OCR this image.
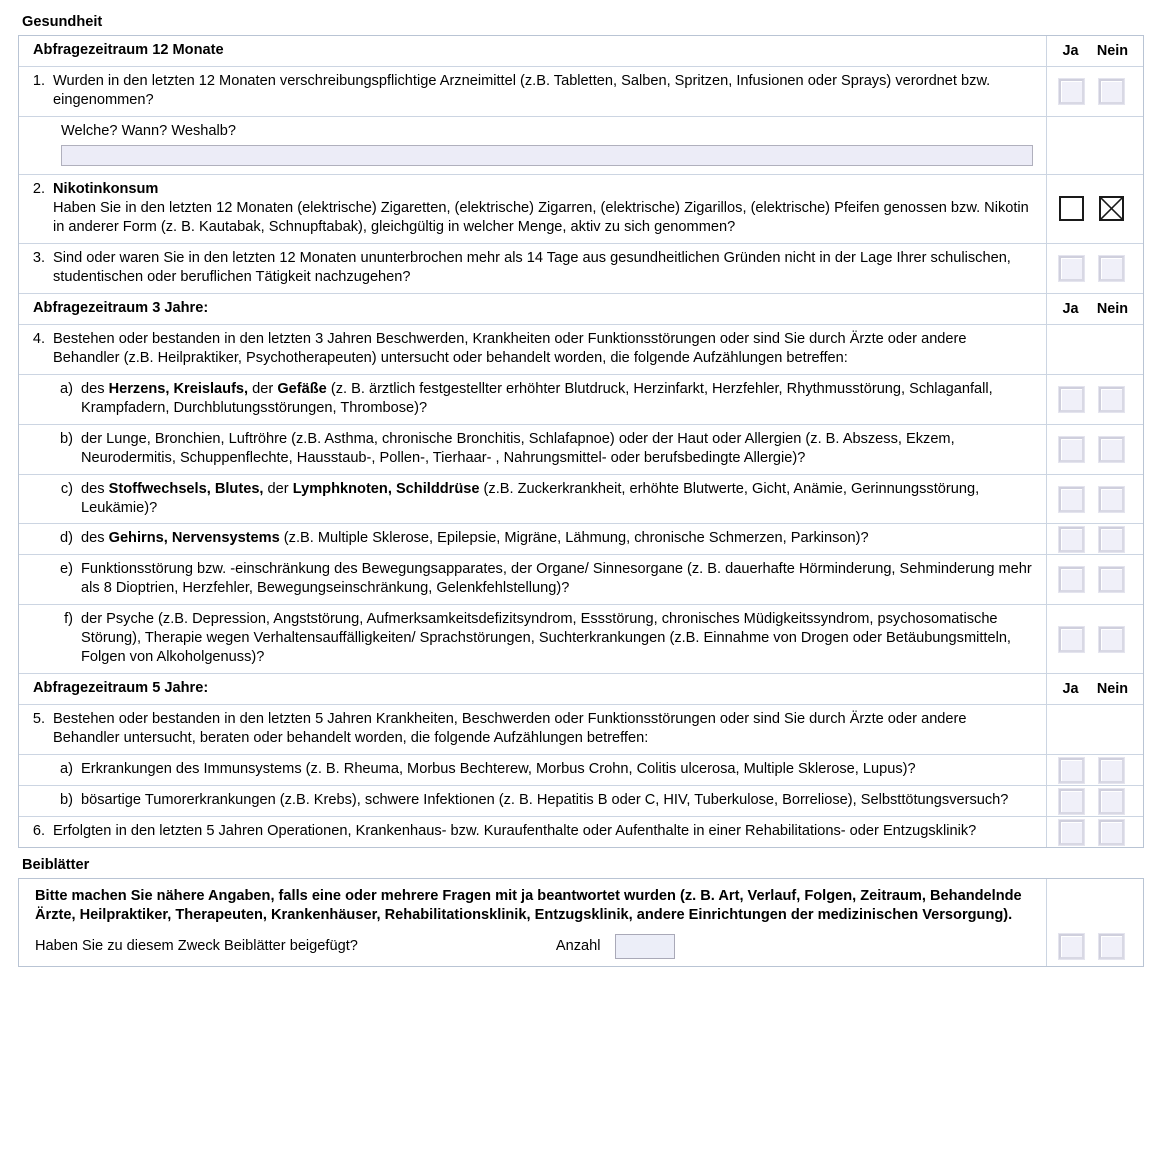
Gesundheit
Abfragezeitraum 12 Monate	Ja	Nein
1. Wurden in den letzten 12 Monaten verschreibungspflichtige Arzneimittel (z.B. Tabletten, Salben, Spritzen, Infusionen oder Sprays) verordnet bzw. eingenommen?
Welche? Wann? Weshalb?
2. Nikotinkonsum
Haben Sie in den letzten 12 Monaten (elektrische) Zigaretten, (elektrische) Zigarren, (elektrische) Zigarillos, (elektrische) Pfeifen genossen bzw. Nikotin in anderer Form (z. B. Kautabak, Schnupftabak), gleichgültig in welcher Menge, aktiv zu sich genommen?
3. Sind oder waren Sie in den letzten 12 Monaten ununterbrochen mehr als 14 Tage aus gesundheitlichen Gründen nicht in der Lage Ihrer schulischen, studentischen oder beruflichen Tätigkeit nachzugehen?
Abfragezeitraum 3 Jahre:	Ja	Nein
4. Bestehen oder bestanden in den letzten 3 Jahren Beschwerden, Krankheiten oder Funktionsstörungen oder sind Sie durch Ärzte oder andere Behandler (z.B. Heilpraktiker, Psychotherapeuten) untersucht oder behandelt worden, die folgende Aufzählungen betreffen:
a) des Herzens, Kreislaufs, der Gefäße (z. B. ärztlich festgestellter erhöhter Blutdruck, Herzinfarkt, Herzfehler, Rhythmusstörung, Schlaganfall, Krampfadern, Durchblutungsstörungen, Thrombose)?
b) der Lunge, Bronchien, Luftröhre (z.B. Asthma, chronische Bronchitis, Schlafapnoe) oder der Haut oder Allergien (z. B. Abszess, Ekzem, Neurodermitis, Schuppenflechte, Hausstaub-, Pollen-, Tierhaar- , Nahrungsmittel- oder berufsbedingte Allergie)?
c) des Stoffwechsels, Blutes, der Lymphknoten, Schilddrüse (z.B. Zuckerkrankheit, erhöhte Blutwerte, Gicht, Anämie, Gerinnungsstörung, Leukämie)?
d) des Gehirns, Nervensystems (z.B. Multiple Sklerose, Epilepsie, Migräne, Lähmung, chronische Schmerzen, Parkinson)?
e) Funktionsstörung bzw. -einschränkung des Bewegungsapparates, der Organe/ Sinnesorgane (z. B. dauerhafte Hörminderung, Sehminderung mehr als 8 Dioptrien, Herzfehler, Bewegungseinschränkung, Gelenkfehlstellung)?
f) der Psyche (z.B. Depression, Angststörung, Aufmerksamkeitsdefizitsyndrom, Essstörung, chronisches Müdigkeitssyndrom, psychosomatische Störung), Therapie wegen Verhaltensauffälligkeiten/ Sprachstörungen, Suchterkrankungen (z.B. Einnahme von Drogen oder Betäubungsmitteln, Folgen von Alkoholgenuss)?
Abfragezeitraum 5 Jahre:	Ja	Nein
5. Bestehen oder bestanden in den letzten 5 Jahren Krankheiten, Beschwerden oder Funktionsstörungen oder sind Sie durch Ärzte oder andere Behandler untersucht, beraten oder behandelt worden, die folgende Aufzählungen betreffen:
a) Erkrankungen des Immunsystems (z. B. Rheuma, Morbus Bechterew, Morbus Crohn, Colitis ulcerosa, Multiple Sklerose, Lupus)?
b) bösartige Tumorerkrankungen (z.B. Krebs), schwere Infektionen (z. B. Hepatitis B oder C, HIV, Tuberkulose, Borreliose), Selbsttötungsversuch?
6. Erfolgten in den letzten 5 Jahren Operationen, Krankenhaus- bzw. Kuraufenthalte oder Aufenthalte in einer Rehabilitations- oder Entzugsklinik?
Beiblätter
Bitte machen Sie nähere Angaben, falls eine oder mehrere Fragen mit ja beantwortet wurden (z. B. Art, Verlauf, Folgen, Zeitraum, Behandelnde Ärzte, Heilpraktiker, Therapeuten, Krankenhäuser, Rehabilitationsklinik, Entzugsklinik, andere Einrichtungen der medizinischen Versorgung).
Haben Sie zu diesem Zweck Beiblätter beigefügt?	Anzahl
